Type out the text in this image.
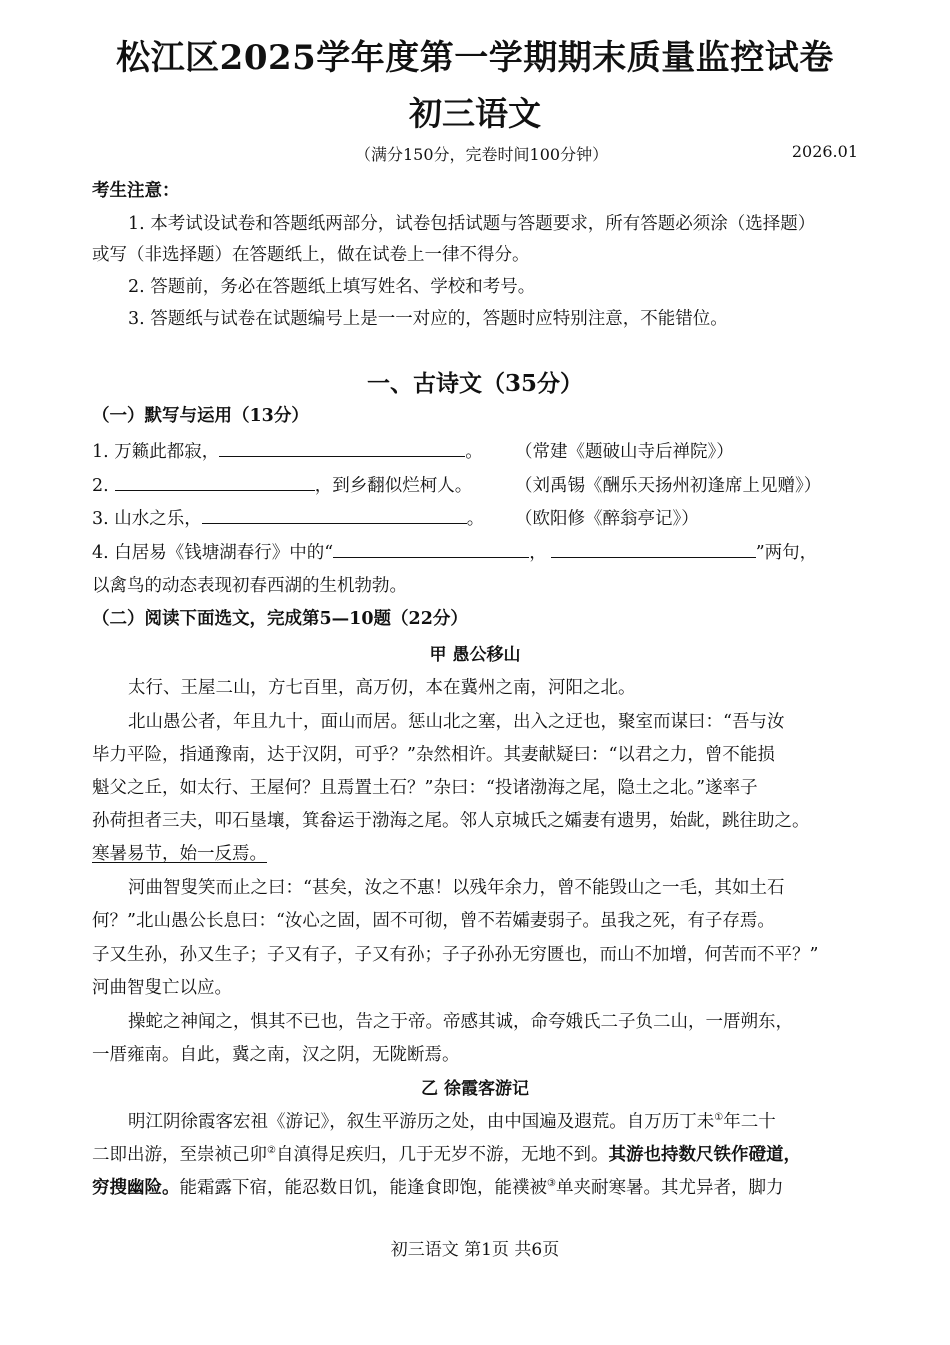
松江区2025学年度第一学期期末质量监控试卷
初三语文
（满分150分，完卷时间100分钟）	2026.01
考生注意：
1. 本考试设试卷和答题纸两部分，试卷包括试题与答题要求，所有答题必须涂（选择题）
或写（非选择题）在答题纸上，做在试卷上一律不得分。
2. 答题前，务必在答题纸上填写姓名、学校和考号。
3. 答题纸与试卷在试题编号上是一一对应的，答题时应特别注意，不能错位。
一、古诗文（35分）
（一）默写与运用（13分）
1. 万籁此都寂，	。 （常建《题破山寺后禅院》）
2.	，到乡翻似烂柯人。 （刘禹锡《酬乐天扬州初逢席上见赠》）
3. 山水之乐，	。 （欧阳修《醉翁亭记》）
4. 白居易《钱塘湖春行》中的“	，	”两句，
以禽鸟的动态表现初春西湖的生机勃勃。
（二）阅读下面选文，完成第5—10题（22分）
甲 愚公移山
太行、王屋二山，方七百里，高万仞，本在冀州之南，河阳之北。
北山愚公者，年且九十，面山而居。惩山北之塞，出入之迂也，聚室而谋曰：“吾与汝
毕力平险，指通豫南，达于汉阴，可乎？”杂然相许。其妻献疑曰：“以君之力，曾不能损
魁父之丘，如太行、王屋何？且焉置土石？”杂曰：“投诸渤海之尾，隐土之北。”遂率子
孙荷担者三夫，叩石垦壤，箕畚运于渤海之尾。邻人京城氏之孀妻有遗男，始龀，跳往助之。
寒暑易节，始一反焉。
河曲智叟笑而止之曰：“甚矣，汝之不惠！以残年余力，曾不能毁山之一毛，其如土石
何？”北山愚公长息曰：“汝心之固，固不可彻，曾不若孀妻弱子。虽我之死，有子存焉。
子又生孙，孙又生子；子又有子，子又有孙；子子孙孙无穷匮也，而山不加增，何苦而不平？”
河曲智叟亡以应。
操蛇之神闻之，惧其不已也，告之于帝。帝感其诚，命夸娥氏二子负二山，一厝朔东，
一厝雍南。自此，冀之南，汉之阴，无陇断焉。
乙 徐霞客游记
明江阴徐霞客宏祖《游记》，叙生平游历之处，由中国遍及遐荒。自万历丁未①年二十
二即出游，至崇祯己卯②自滇得足疾归，几于无岁不游，无地不到。其游也持数尺铁作磴道，
穷搜幽险。能霜露下宿，能忍数日饥，能逢食即饱，能襆被③单夹耐寒暑。其尤异者，脚力
初三语文 第1页 共6页
